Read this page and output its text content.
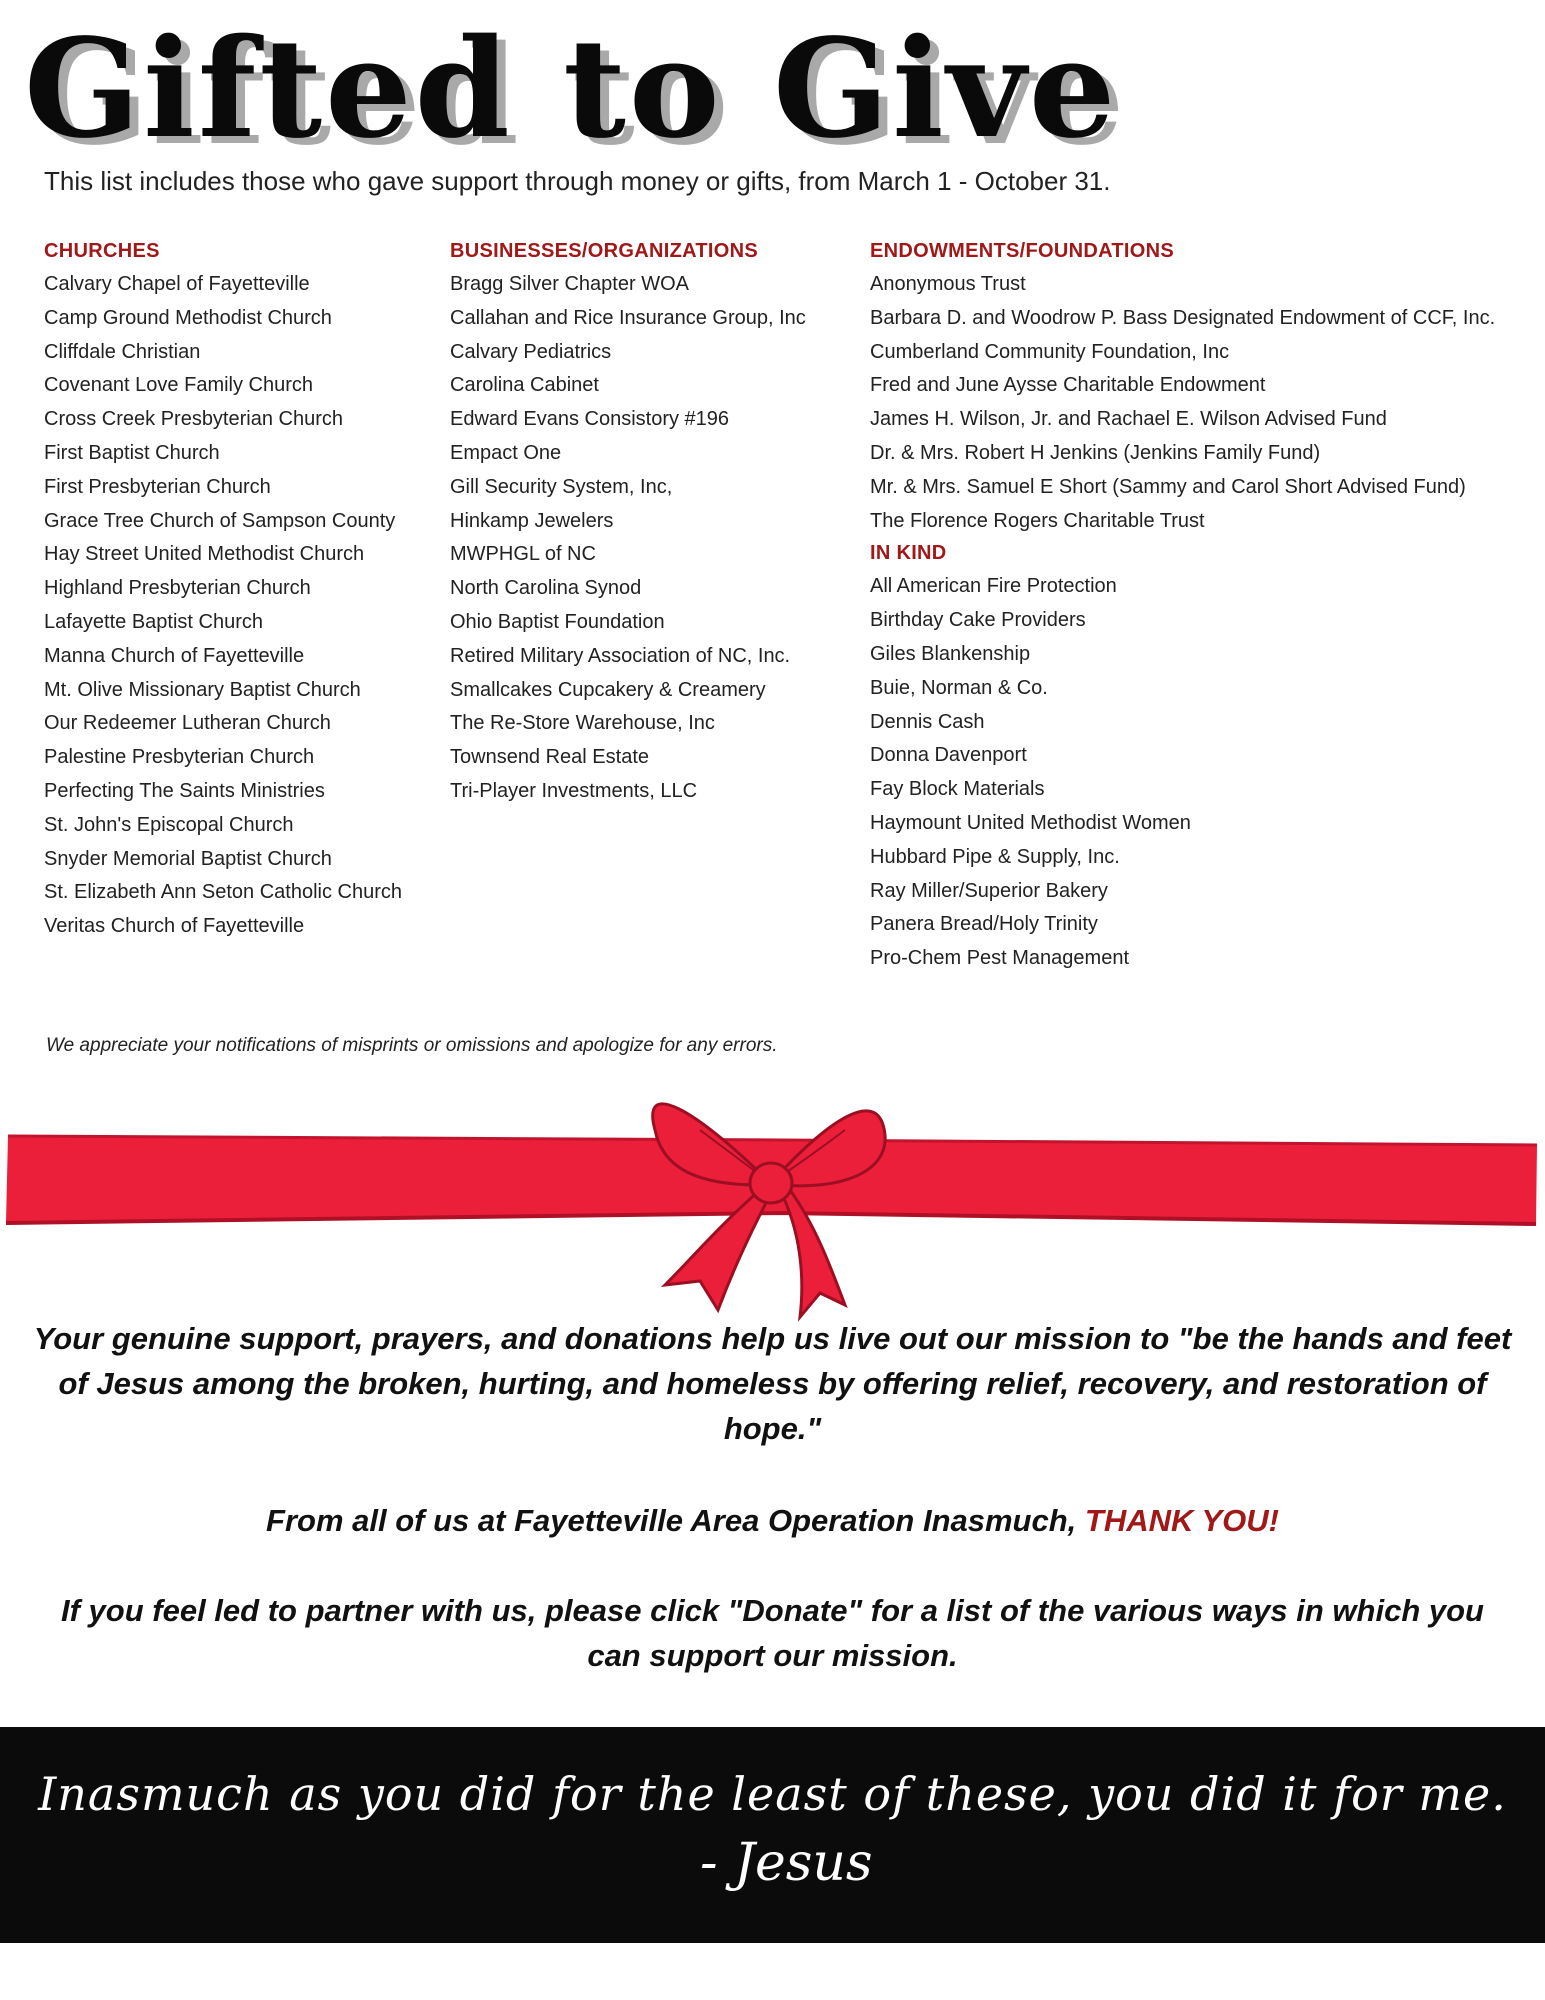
Gifted to Give

This list includes those who gave support through money or gifts, from March 1 - October 31.

CHURCHES
Calvary Chapel of Fayetteville
Camp Ground Methodist Church
Cliffdale Christian
Covenant Love Family Church
Cross Creek Presbyterian Church
First Baptist Church
First Presbyterian Church
Grace Tree Church of Sampson County
Hay Street United Methodist Church
Highland Presbyterian Church
Lafayette Baptist Church
Manna Church of Fayetteville
Mt. Olive Missionary Baptist Church
Our Redeemer Lutheran Church
Palestine Presbyterian Church
Perfecting The Saints Ministries
St. John's Episcopal Church
Snyder Memorial Baptist Church
St. Elizabeth Ann Seton Catholic Church
Veritas Church of Fayetteville
BUSINESSES/ORGANIZATIONS
Bragg Silver Chapter WOA
Callahan and Rice Insurance Group, Inc
Calvary Pediatrics
Carolina Cabinet
Edward Evans Consistory #196
Empact One
Gill Security System, Inc,
Hinkamp Jewelers
MWPHGL of NC
North Carolina Synod
Ohio Baptist Foundation
Retired Military Association of NC, Inc.
Smallcakes Cupcakery & Creamery
The Re-Store Warehouse, Inc
Townsend Real Estate
Tri-Player Investments, LLC
ENDOWMENTS/FOUNDATIONS
Anonymous Trust
Barbara D. and Woodrow P. Bass Designated Endowment of CCF, Inc.
Cumberland Community Foundation, Inc
Fred and June Aysse Charitable Endowment
James H. Wilson, Jr. and Rachael E. Wilson Advised Fund
Dr. & Mrs. Robert H Jenkins (Jenkins Family Fund)
Mr. & Mrs. Samuel E Short (Sammy and Carol Short Advised Fund)
The Florence Rogers Charitable Trust
IN KIND
All American Fire Protection
Birthday Cake Providers
Giles Blankenship
Buie, Norman & Co.
Dennis Cash
Donna Davenport
Fay Block Materials
Haymount United Methodist Women
Hubbard Pipe & Supply, Inc.
Ray Miller/Superior Bakery
Panera Bread/Holy Trinity
Pro-Chem Pest Management

We appreciate your notifications of misprints or omissions and apologize for any errors.

Your genuine support, prayers, and donations help us live out our mission to "be the hands and feet of Jesus among the broken, hurting, and homeless by offering relief, recovery, and restoration of hope."

From all of us at Fayetteville Area Operation Inasmuch, THANK YOU!

If you feel led to partner with us, please click "Donate" for a list of the various ways in which you can support our mission.

Inasmuch as you did for the least of these, you did it for me.

- Jesus
